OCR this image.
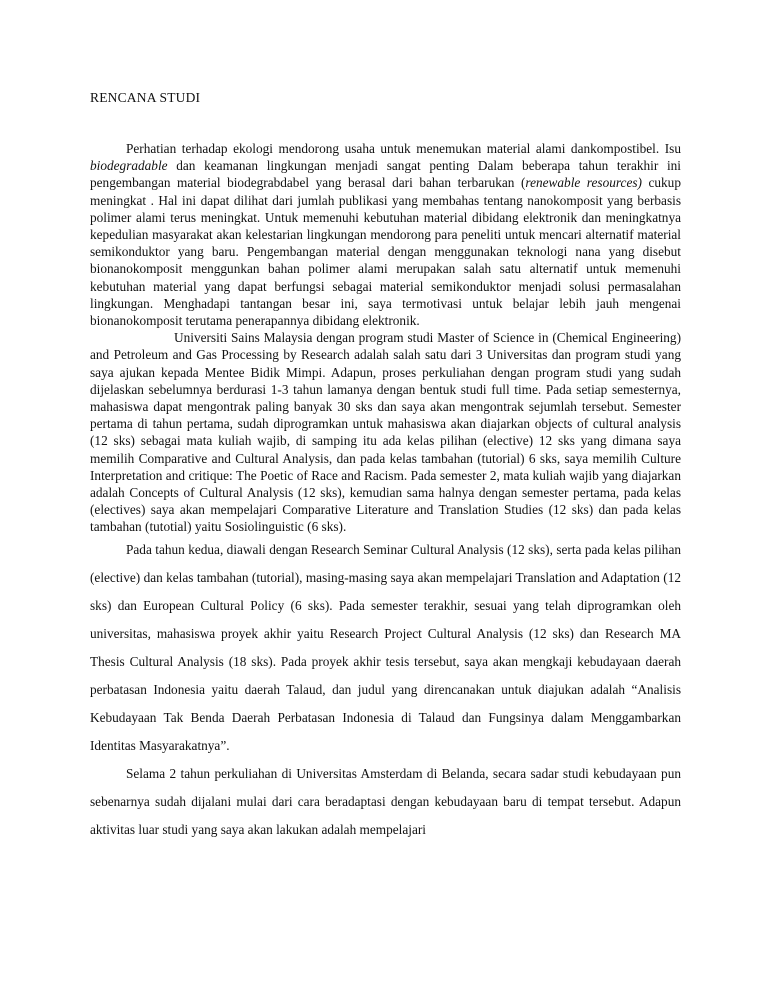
RENCANA STUDI

Perhatian terhadap ekologi mendorong usaha untuk menemukan material alami dankompostibel. Isu biodegradable dan keamanan lingkungan menjadi sangat penting Dalam beberapa tahun terakhir ini pengembangan material biodegrabdabel yang berasal dari bahan terbarukan (renewable resources) cukup meningkat . Hal ini dapat dilihat dari jumlah publikasi yang membahas tentang nanokomposit yang berbasis polimer alami terus meningkat. Untuk memenuhi kebutuhan material dibidang elektronik dan meningkatnya kepedulian masyarakat akan kelestarian lingkungan mendorong para peneliti untuk mencari alternatif material semikonduktor yang baru. Pengembangan material dengan menggunakan teknologi nana yang disebut bionanokomposit menggunkan bahan polimer alami merupakan salah satu alternatif untuk memenuhi kebutuhan material yang dapat berfungsi sebagai material semikonduktor menjadi solusi permasalahan lingkungan. Menghadapi tantangan besar ini, saya termotivasi untuk belajar lebih jauh mengenai bionanokomposit terutama penerapannya dibidang elektronik.

Universiti Sains Malaysia dengan program studi Master of Science in (Chemical Engineering) and Petroleum and Gas Processing by Research adalah salah satu dari 3 Universitas dan program studi yang saya ajukan kepada Mentee Bidik Mimpi. Adapun, proses perkuliahan dengan program studi yang sudah dijelaskan sebelumnya berdurasi 1-3 tahun lamanya dengan bentuk studi full time. Pada setiap semesternya, mahasiswa dapat mengontrak paling banyak 30 sks dan saya akan mengontrak sejumlah tersebut. Semester pertama di tahun pertama, sudah diprogramkan untuk mahasiswa akan diajarkan objects of cultural analysis (12 sks) sebagai mata kuliah wajib, di samping itu ada kelas pilihan (elective) 12 sks yang dimana saya memilih Comparative and Cultural Analysis, dan pada kelas tambahan (tutorial) 6 sks, saya memilih Culture Interpretation and critique: The Poetic of Race and Racism. Pada semester 2, mata kuliah wajib yang diajarkan adalah Concepts of Cultural Analysis (12 sks), kemudian sama halnya dengan semester pertama, pada kelas (electives) saya akan mempelajari Comparative Literature and Translation Studies (12 sks) dan pada kelas tambahan (tutotial) yaitu Sosiolinguistic (6 sks).

Pada tahun kedua, diawali dengan Research Seminar Cultural Analysis (12 sks), serta pada kelas pilihan (elective) dan kelas tambahan (tutorial), masing-masing saya akan mempelajari Translation and Adaptation (12 sks) dan European Cultural Policy (6 sks). Pada semester terakhir, sesuai yang telah diprogramkan oleh universitas, mahasiswa proyek akhir yaitu Research Project Cultural Analysis (12 sks) dan Research MA Thesis Cultural Analysis (18 sks). Pada proyek akhir tesis tersebut, saya akan mengkaji kebudayaan daerah perbatasan Indonesia yaitu daerah Talaud, dan judul yang direncanakan untuk diajukan adalah “Analisis Kebudayaan Tak Benda Daerah Perbatasan Indonesia di Talaud dan Fungsinya dalam Menggambarkan Identitas Masyarakatnya”.

Selama 2 tahun perkuliahan di Universitas Amsterdam di Belanda, secara sadar studi kebudayaan pun sebenarnya sudah dijalani mulai dari cara beradaptasi dengan kebudayaan baru di tempat tersebut. Adapun aktivitas luar studi yang saya akan lakukan adalah mempelajari
